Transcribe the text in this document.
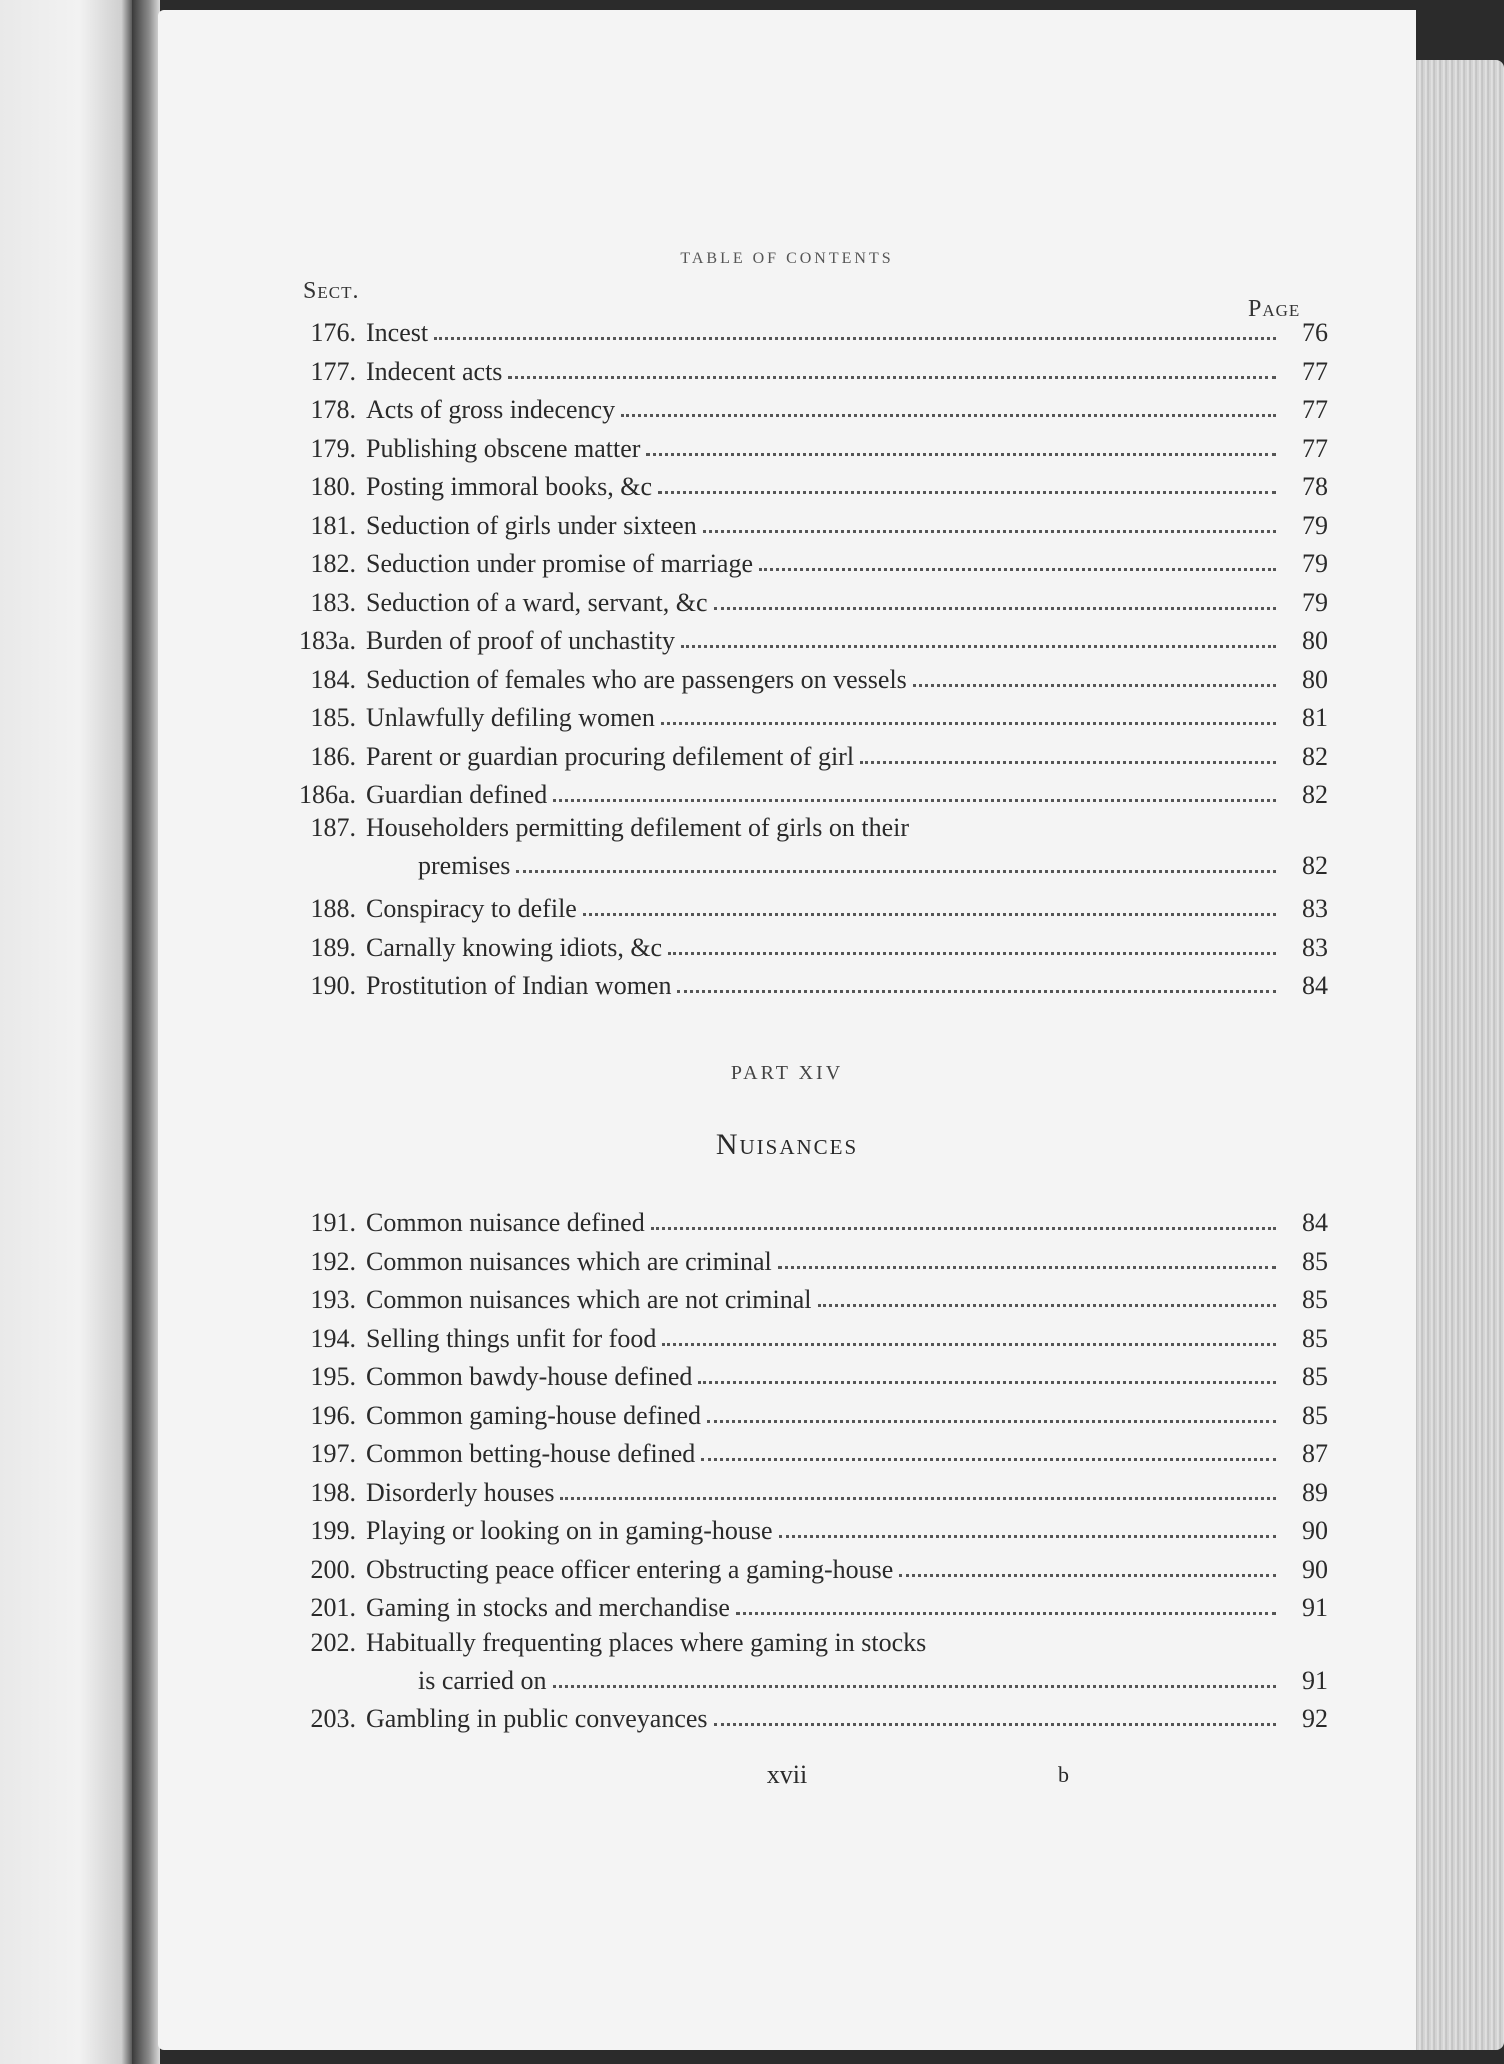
TABLE OF CONTENTS
Sect.
Page
176. Incest	76
177. Indecent acts	77
178. Acts of gross indecency	77
179. Publishing obscene matter	77
180. Posting immoral books, &c	78
181. Seduction of girls under sixteen	79
182. Seduction under promise of marriage	79
183. Seduction of a ward, servant, &c	79
183a. Burden of proof of unchastity	80
184. Seduction of females who are passengers on vessels	80
185. Unlawfully defiling women	81
186. Parent or guardian procuring defilement of girl	82
186a. Guardian defined	82
187. Householders permitting defilement of girls on their
premises	82
188. Conspiracy to defile	83
189. Carnally knowing idiots, &c	83
190. Prostitution of Indian women	84
PART XIV
Nuisances
191. Common nuisance defined	84
192. Common nuisances which are criminal	85
193. Common nuisances which are not criminal	85
194. Selling things unfit for food	85
195. Common bawdy-house defined	85
196. Common gaming-house defined	85
197. Common betting-house defined	87
198. Disorderly houses	89
199. Playing or looking on in gaming-house	90
200. Obstructing peace officer entering a gaming-house	90
201. Gaming in stocks and merchandise	91
202. Habitually frequenting places where gaming in stocks
is carried on	91
203. Gambling in public conveyances	92
xvii	b
